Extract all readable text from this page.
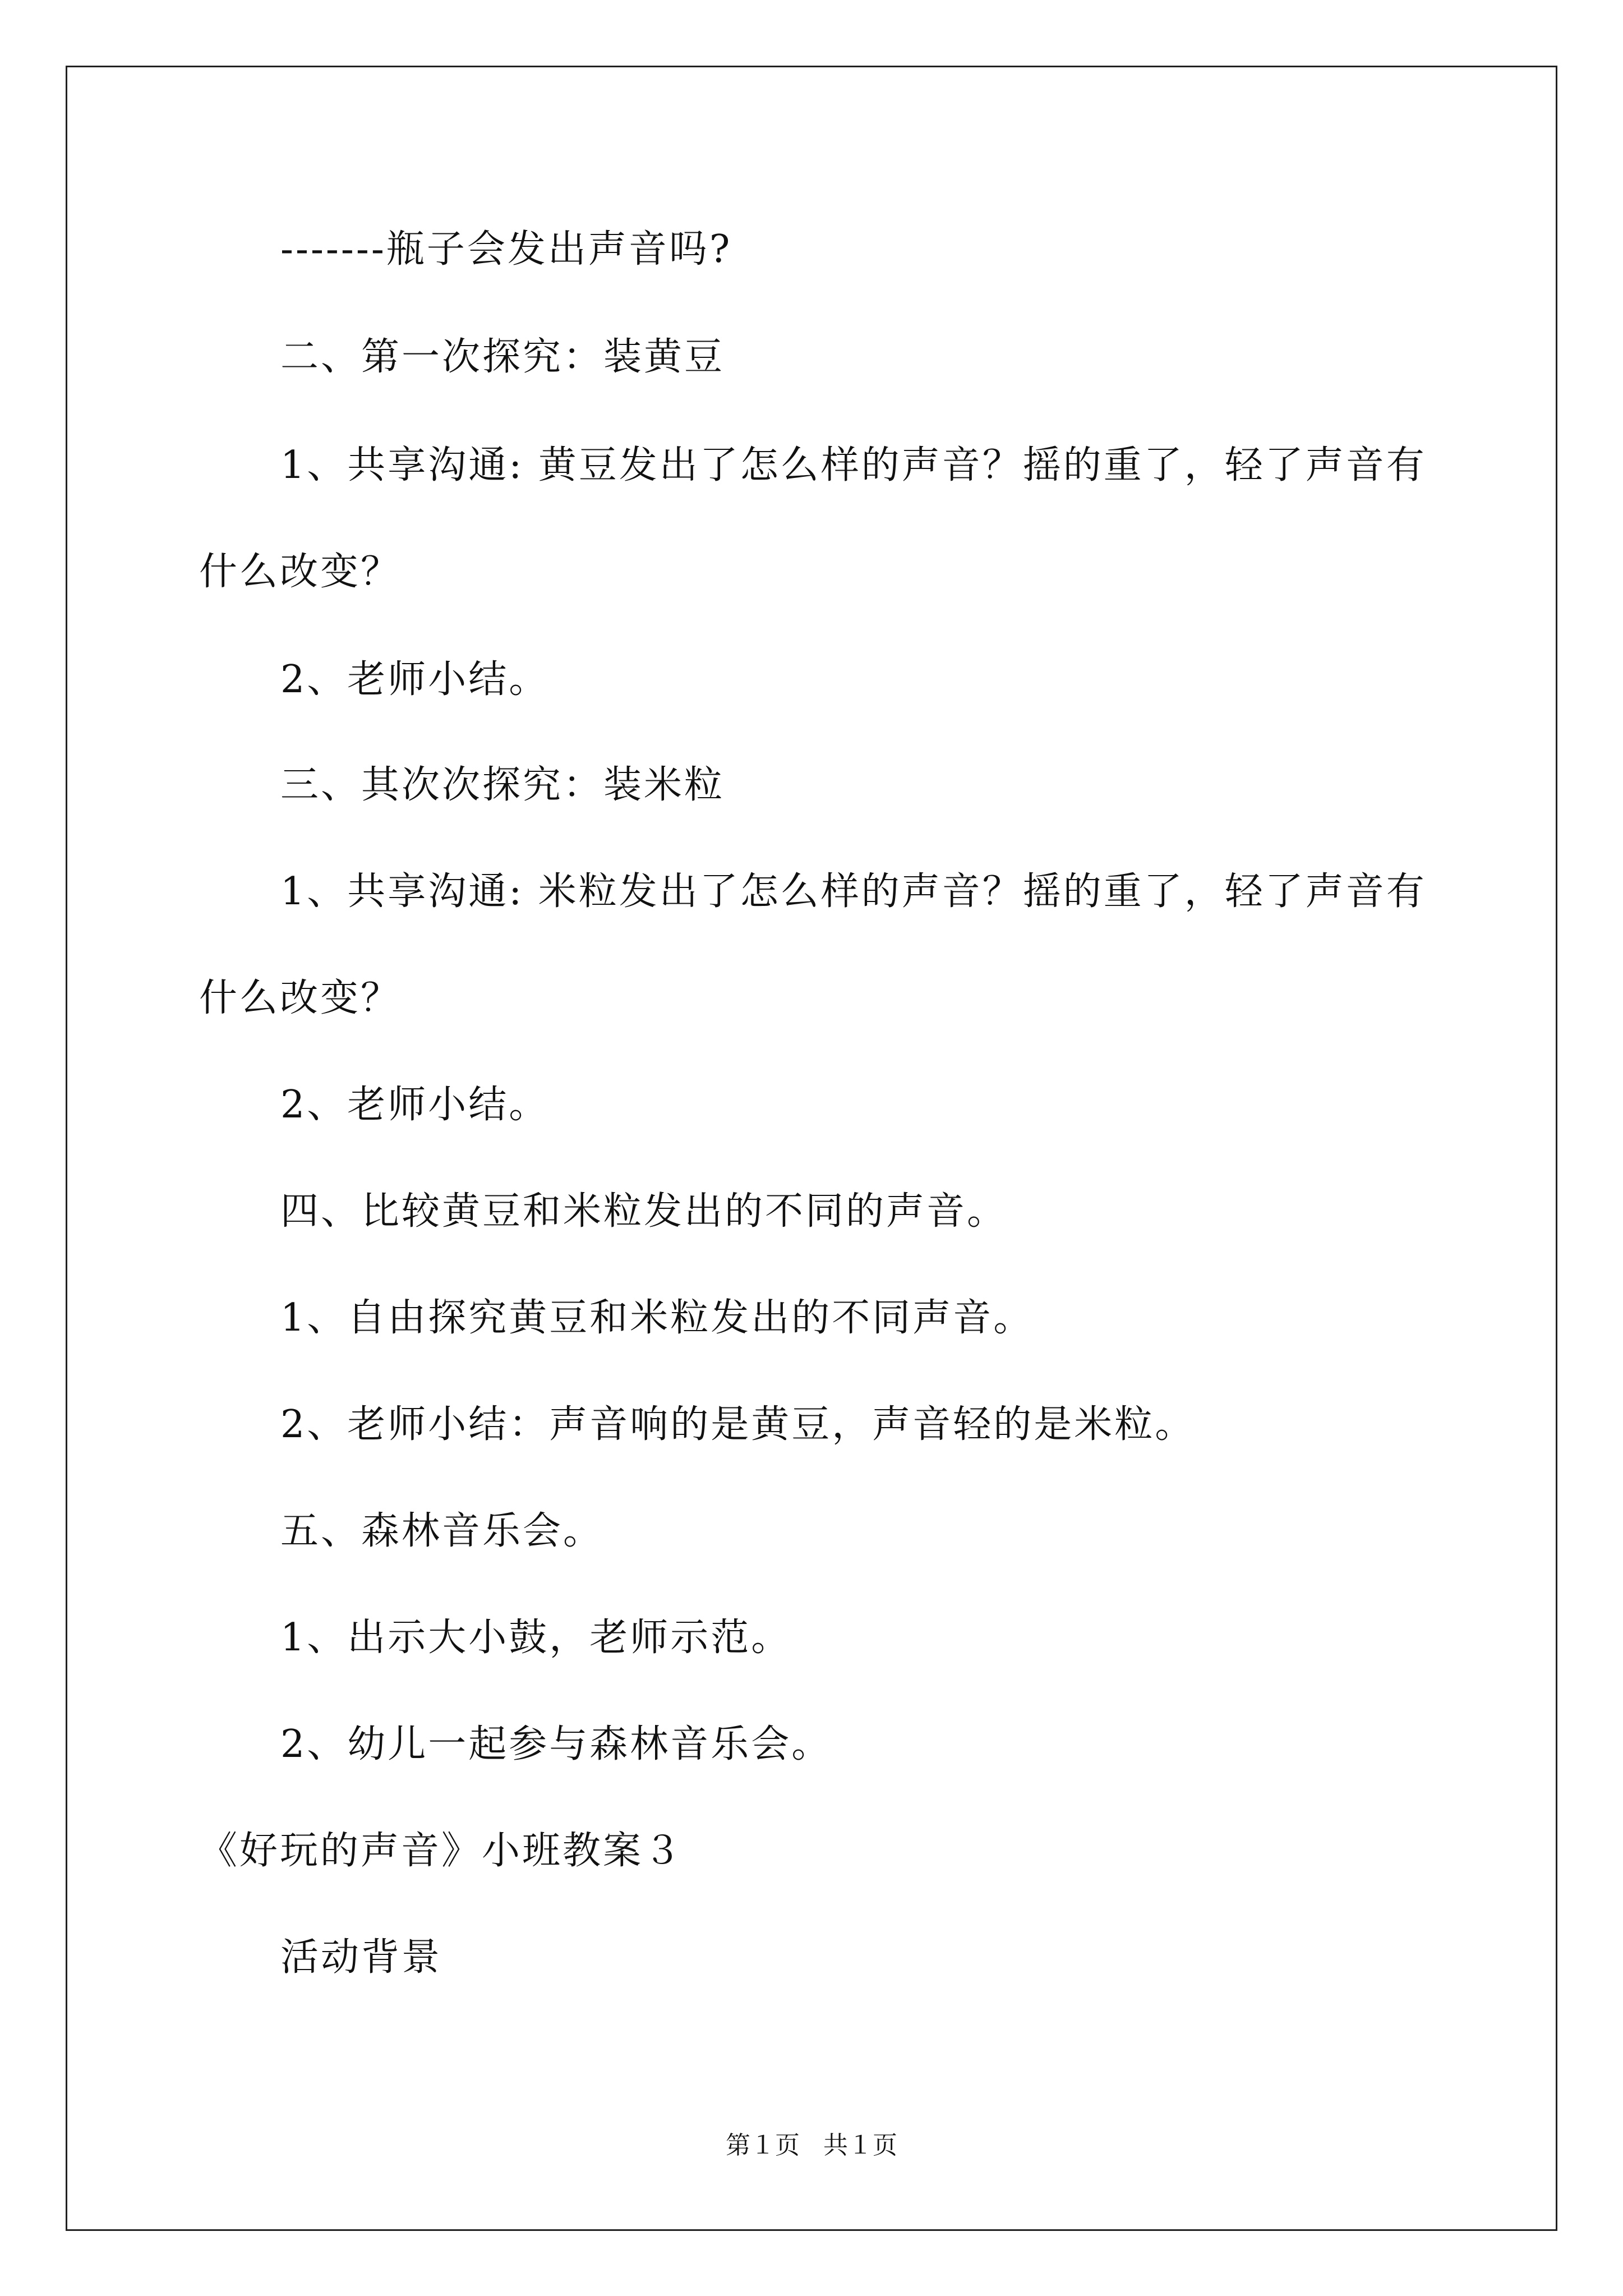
-------瓶子会发出声音吗?
二、第一次探究：装黄豆
1、共享沟通: 黄豆发出了怎么样的声音？摇的重了，轻了声音有
什么改变？
2、老师小结。
三、其次次探究：装米粒
1、共享沟通: 米粒发出了怎么样的声音？摇的重了，轻了声音有
什么改变？
2、老师小结。
四、比较黄豆和米粒发出的不同的声音。
1、自由探究黄豆和米粒发出的不同声音。
2、老师小结：声音响的是黄豆，声音轻的是米粒。
五、森林音乐会。
1、出示大小鼓，老师示范。
2、幼儿一起参与森林音乐会。
《好玩的声音》小班教案３
活动背景
第１页   共１页
